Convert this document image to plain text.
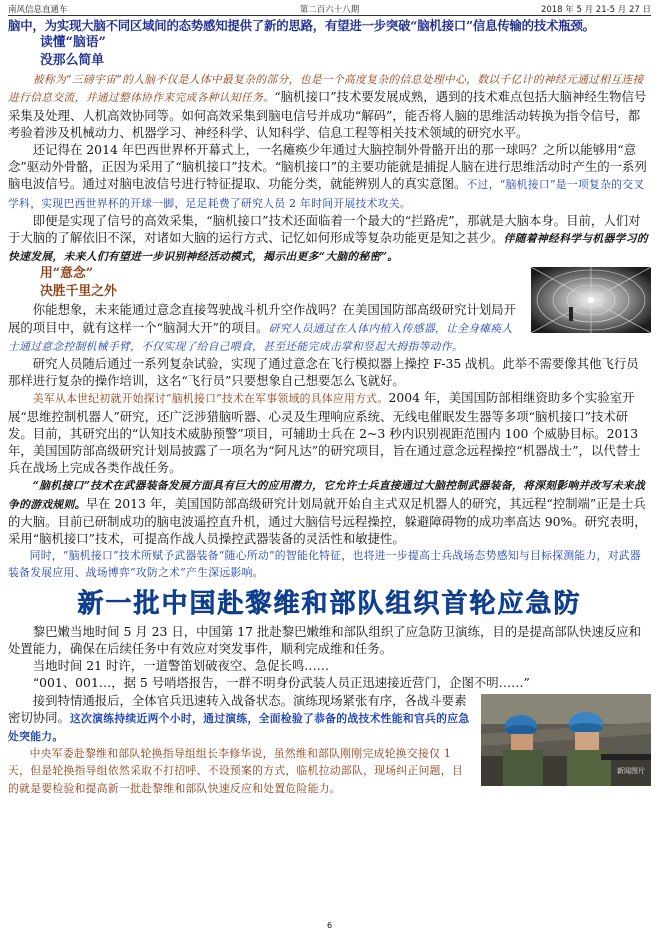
南风信息直通车	第二百六十八期	2018 年 5 月 21-5 月 27 日

脑中，为实现大脑不同区域间的态势感知提供了新的思路，有望进一步突破“脑机接口”信息传输的技术瓶颈。

读懂“脑语”

没那么简单

被称为“三磅宇宙”的人脑不仅是人体中最复杂的部分，也是一个高度复杂的信息处理中心，数以千亿计的神经元通过相互连接进行信息交流，并通过整体协作来完成各种认知任务。“脑机接口”技术要发展成熟，遇到的技术难点包括大脑神经生物信号采集及处理、人机高效协同等。如何高效采集到脑电信号并成功“解码”，能否将人脑的思维活动转换为指令信号，都考验着涉及机械动力、机器学习、神经科学、认知科学、信息工程等相关技术领域的研究水平。

还记得在 2014 年巴西世界杯开幕式上，一名瘫痪少年通过大脑控制外骨骼开出的那一球吗？之所以能够用“意念”驱动外骨骼，正因为采用了“脑机接口”技术。“脑机接口”的主要功能就是捕捉人脑在进行思维活动时产生的一系列脑电波信号。通过对脑电波信号进行特征提取、功能分类，就能辨别人的真实意图。不过，“脑机接口”是一项复杂的交叉学科，实现巴西世界杯的开球一脚，足足耗费了研究人员 2 年时间开展技术攻关。

即便是实现了信号的高效采集，“脑机接口”技术还面临着一个最大的“拦路虎”，那就是大脑本身。目前，人们对于大脑的了解依旧不深，对诸如大脑的运行方式、记忆如何形成等复杂功能更是知之甚少。伴随着神经科学与机器学习的快速发展，未来人们有望进一步识别神经活动模式，揭示出更多“大脑的秘密”。

用“意念”

决胜千里之外

你能想象，未来能通过意念直接驾驶战斗机升空作战吗？在美国国防部高级研究计划局开展的项目中，就有这样一个“脑洞大开”的项目。研究人员通过在人体内植入传感器，让全身瘫痪人士通过意念控制机械手臂，不仅实现了给自己喂食，甚至还能完成击掌和竖起大拇指等动作。

研究人员随后通过一系列复杂试验，实现了通过意念在飞行模拟器上操控 F-35 战机。此举不需要像其他飞行员那样进行复杂的操作培训，这名“飞行员”只要想象自己想要怎么飞就好。

美军从本世纪初就开始探讨“脑机接口”技术在军事领域的具体应用方式。2004 年，美国国防部相继资助多个实验室开展“思维控制机器人”研究，还广泛涉猎脑听器、心灵及生理响应系统、无线电催眠发生器等多项“脑机接口”技术研发。目前，其研究出的“认知技术威胁预警”项目，可辅助士兵在 2~3 秒内识别视距范围内 100 个威胁目标。2013 年，美国国防部高级研究计划局披露了一项名为“阿凡达”的研究项目，旨在通过意念远程操控“机器战士”，以代替士兵在战场上完成各类作战任务。

“脑机接口”技术在武器装备发展方面具有巨大的应用潜力，它允许士兵直接通过大脑控制武器装备，将深刻影响并改写未来战争的游戏规则。早在 2013 年，美国国防部高级研究计划局就开始自主式双足机器人的研究，其远程“控制端”正是士兵的大脑。目前已研制成功的脑电波遥控直升机，通过大脑信号远程操控，躲避障碍物的成功率高达 90%。研究表明，采用“脑机接口”技术，可提高作战人员操控武器装备的灵活性和敏捷性。

同时，“脑机接口”技术所赋予武器装备“随心所动”的智能化特征，也将进一步提高士兵战场态势感知与目标探测能力，对武器装备发展应用、战场博弈“攻防之术”产生深远影响。

新一批中国赴黎维和部队组织首轮应急防

黎巴嫩当地时间 5 月 23 日，中国第 17 批赴黎巴嫩维和部队组织了应急防卫演练，目的是提高部队快速反应和处置能力，确保在后续任务中有效应对突发事件，顺利完成维和任务。

当地时间 21 时许，一道警笛划破夜空、急促长鸣……

“001、001…，据 5 号哨塔报告，一群不明身份武装人员正迅速接近营门，企图不明……”

新闻图片

接到特情通报后，全体官兵迅速转入战备状态。演练现场紧张有序，各战斗要素密切协同。这次演练持续近两个小时，通过演练，全面检验了恭备的战技术性能和官兵的应急处突能力。

中央军委赴黎维和部队轮换指导组组长李修华说，虽然维和部队刚刚完成轮换交接仅 1 天，但是轮换指导组依然采取不打招呼、不设预案的方式，临机拉动部队，现场纠正问题，目的就是要检验和提高新一批赴黎维和部队快速反应和处置危险能力。

6
